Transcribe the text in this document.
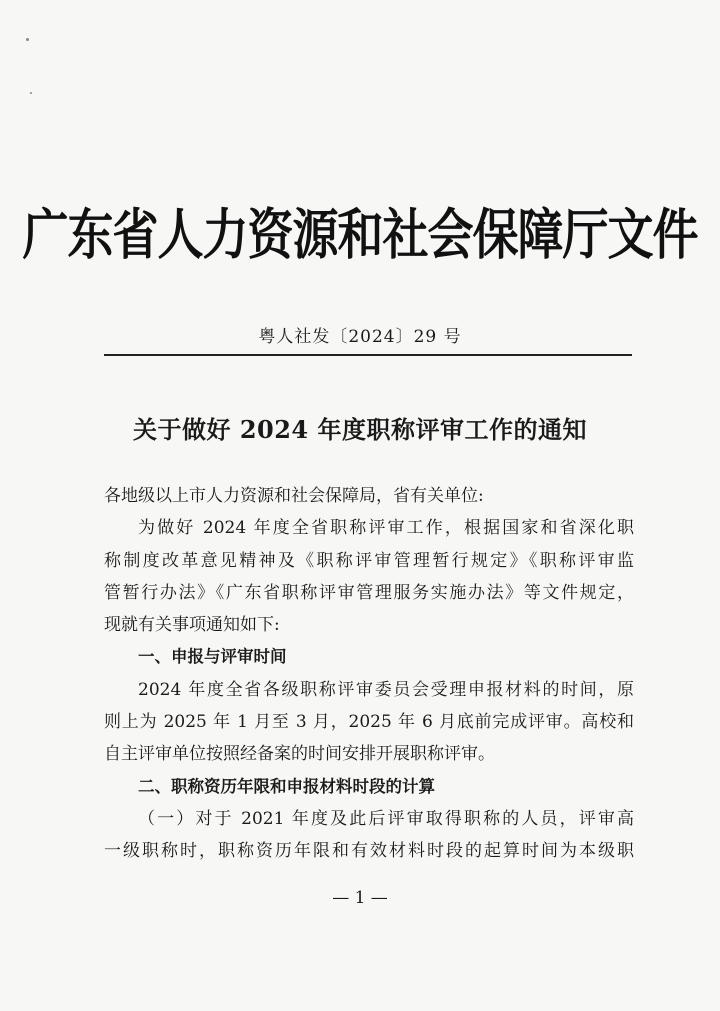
广东省人力资源和社会保障厅文件
粤人社发〔2024〕29 号
关于做好 2024 年度职称评审工作的通知
各地级以上市人力资源和社会保障局，省有关单位:
为做好 2024 年度全省职称评审工作，根据国家和省深化职
称制度改革意见精神及《职称评审管理暂行规定》《职称评审监
管暂行办法》《广东省职称评审管理服务实施办法》等文件规定，
现就有关事项通知如下:
一、申报与评审时间
2024 年度全省各级职称评审委员会受理申报材料的时间，原
则上为 2025 年 1 月至 3 月，2025 年 6 月底前完成评审。高校和
自主评审单位按照经备案的时间安排开展职称评审。
二、职称资历年限和申报材料时段的计算
（一）对于 2021 年度及此后评审取得职称的人员，评审高
一级职称时，职称资历年限和有效材料时段的起算时间为本级职
— 1 —
